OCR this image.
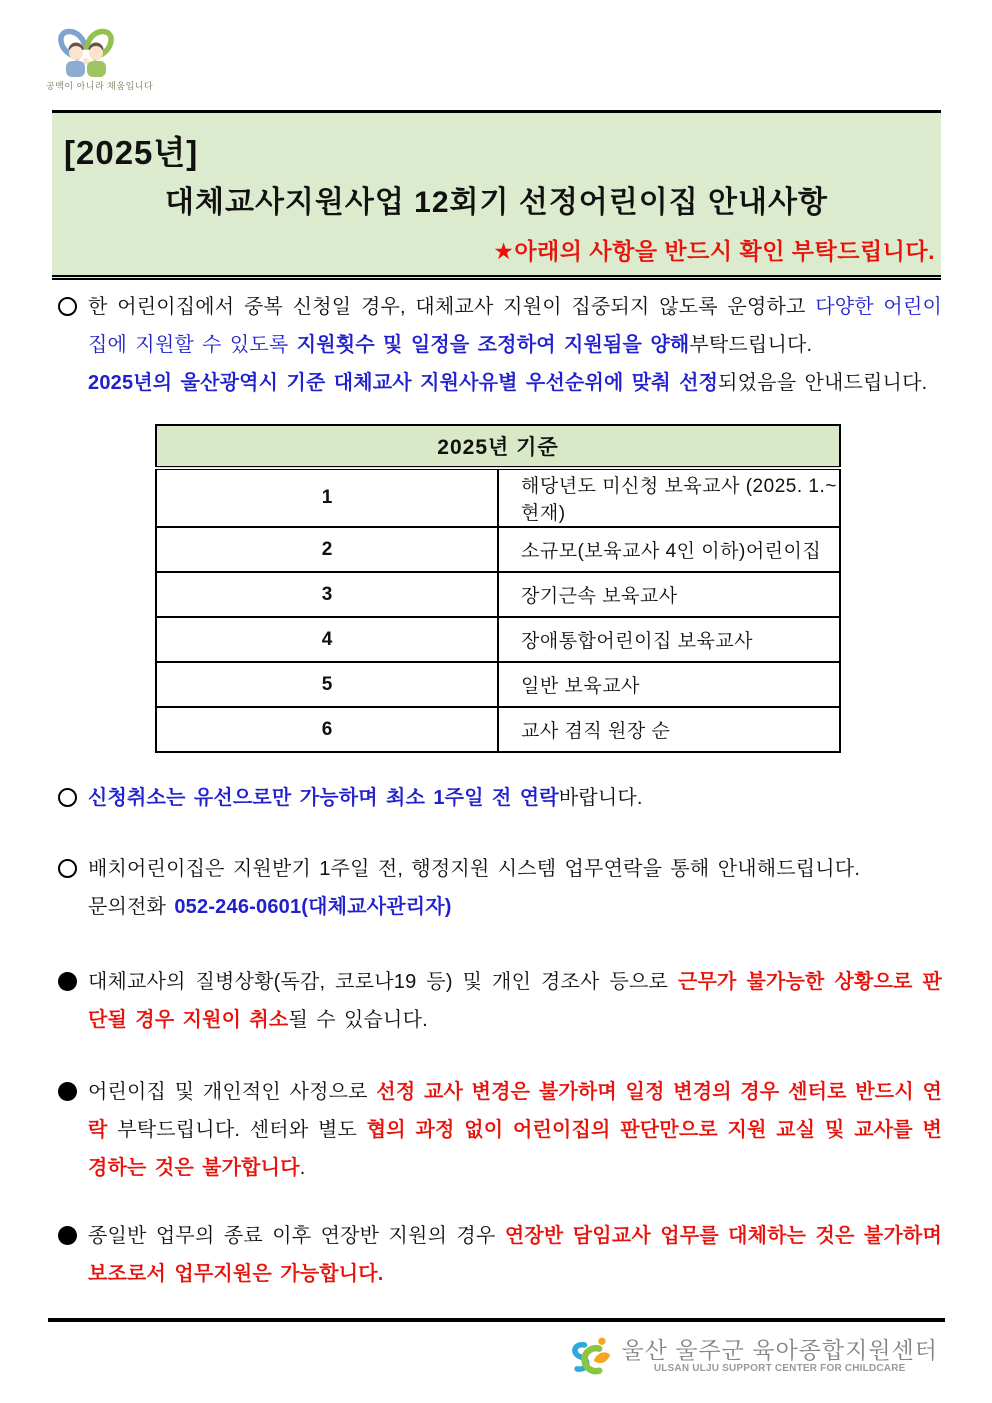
공백이 아니라 채움입니다
[2025년]
대체교사지원사업 12회기 선정어린이집 안내사항
★아래의 사항을 반드시 확인 부탁드립니다.
한 어린이집에서 중복 신청일 경우, 대체교사 지원이 집중되지 않도록 운영하고 다양한 어린이집에 지원할 수 있도록 지원횟수 및 일정을 조정하여 지원됨을 양해부탁드립니다.
2025년의 울산광역시 기준 대체교사 지원사유별 우선순위에 맞춰 선정되었음을 안내드립니다.
신청취소는 유선으로만 가능하며 최소 1주일 전 연락바랍니다.
배치어린이집은 지원받기 1주일 전, 행정지원 시스템 업무연락을 통해 안내해드립니다.
문의전화 052-246-0601(대체교사관리자)
대체교사의 질병상황(독감, 코로나19 등) 및 개인 경조사 등으로 근무가 불가능한 상황으로 판단될 경우 지원이 취소될 수 있습니다.
어린이집 및 개인적인 사정으로 선정 교사 변경은 불가하며 일정 변경의 경우 센터로 반드시 연락 부탁드립니다. 센터와 별도 협의 과정 없이 어린이집의 판단만으로 지원 교실 및 교사를 변경하는 것은 불가합니다.
종일반 업무의 종료 이후 연장반 지원의 경우 연장반 담임교사 업무를 대체하는 것은 불가하며 보조로서 업무지원은 가능합니다.
2025년 기준	
1	해당년도 미신청 보육교사 (2025. 1.~ 현재)
2	소규모(보육교사 4인 이하)어린이집
3	장기근속 보육교사
4	장애통합어린이집 보육교사
5	일반 보육교사
6	교사 겸직 원장 순
울산 울주군 육아종합지원센터
ULSAN ULJU SUPPORT CENTER FOR CHILDCARE
